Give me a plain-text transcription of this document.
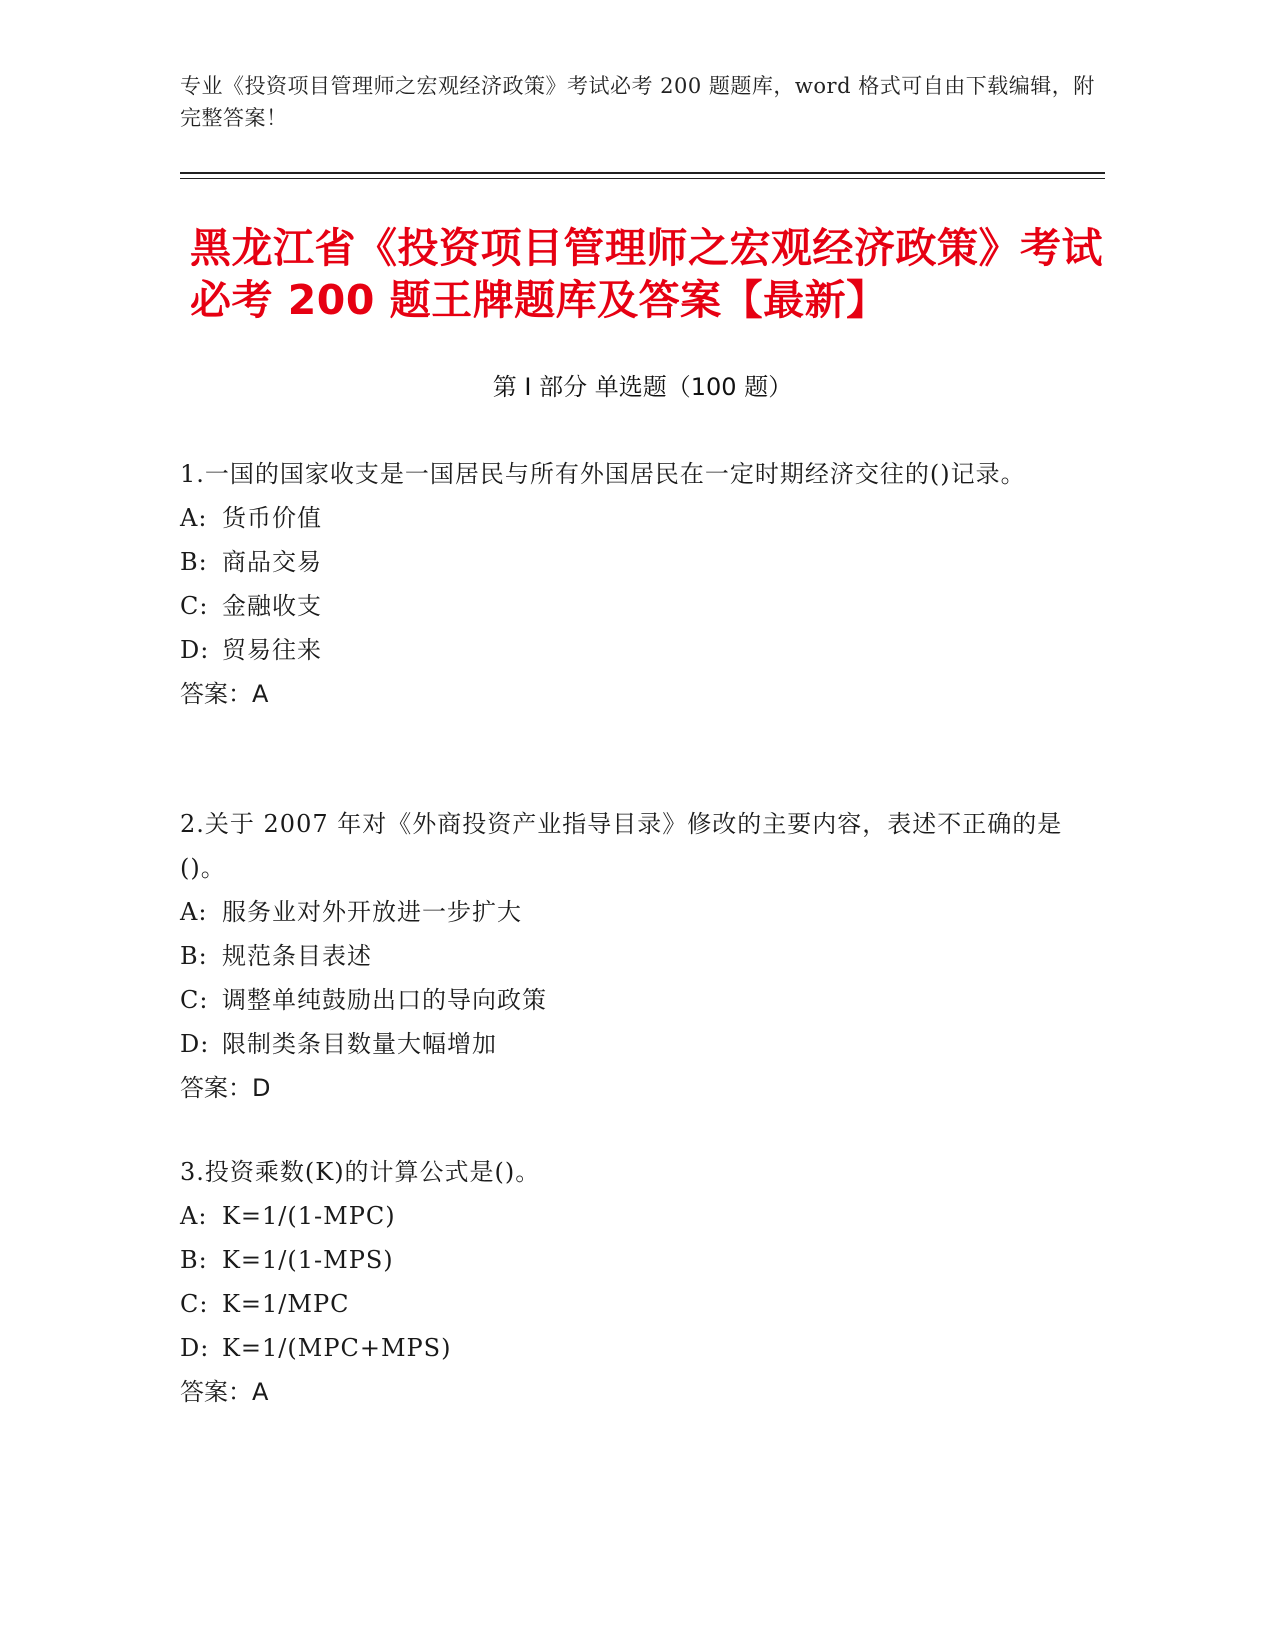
专业《投资项目管理师之宏观经济政策》考试必考 200 题题库，word 格式可自由下载编辑，附完整答案！
黑龙江省《投资项目管理师之宏观经济政策》考试必考 200 题王牌题库及答案【最新】
第 I 部分 单选题（100 题）

1.一国的国家收支是一国居民与所有外国居民在一定时期经济交往的()记录。

A: 货币价值

B: 商品交易

C: 金融收支

D: 贸易往来

答案：A

2.关于 2007 年对《外商投资产业指导目录》修改的主要内容，表述不正确的是()。

A: 服务业对外开放进一步扩大

B: 规范条目表述

C: 调整单纯鼓励出口的导向政策

D: 限制类条目数量大幅增加

答案：D

3.投资乘数(K)的计算公式是()。

A: K=1/(1-MPC)

B: K=1/(1-MPS)

C: K=1/MPC

D: K=1/(MPC+MPS)

答案：A
